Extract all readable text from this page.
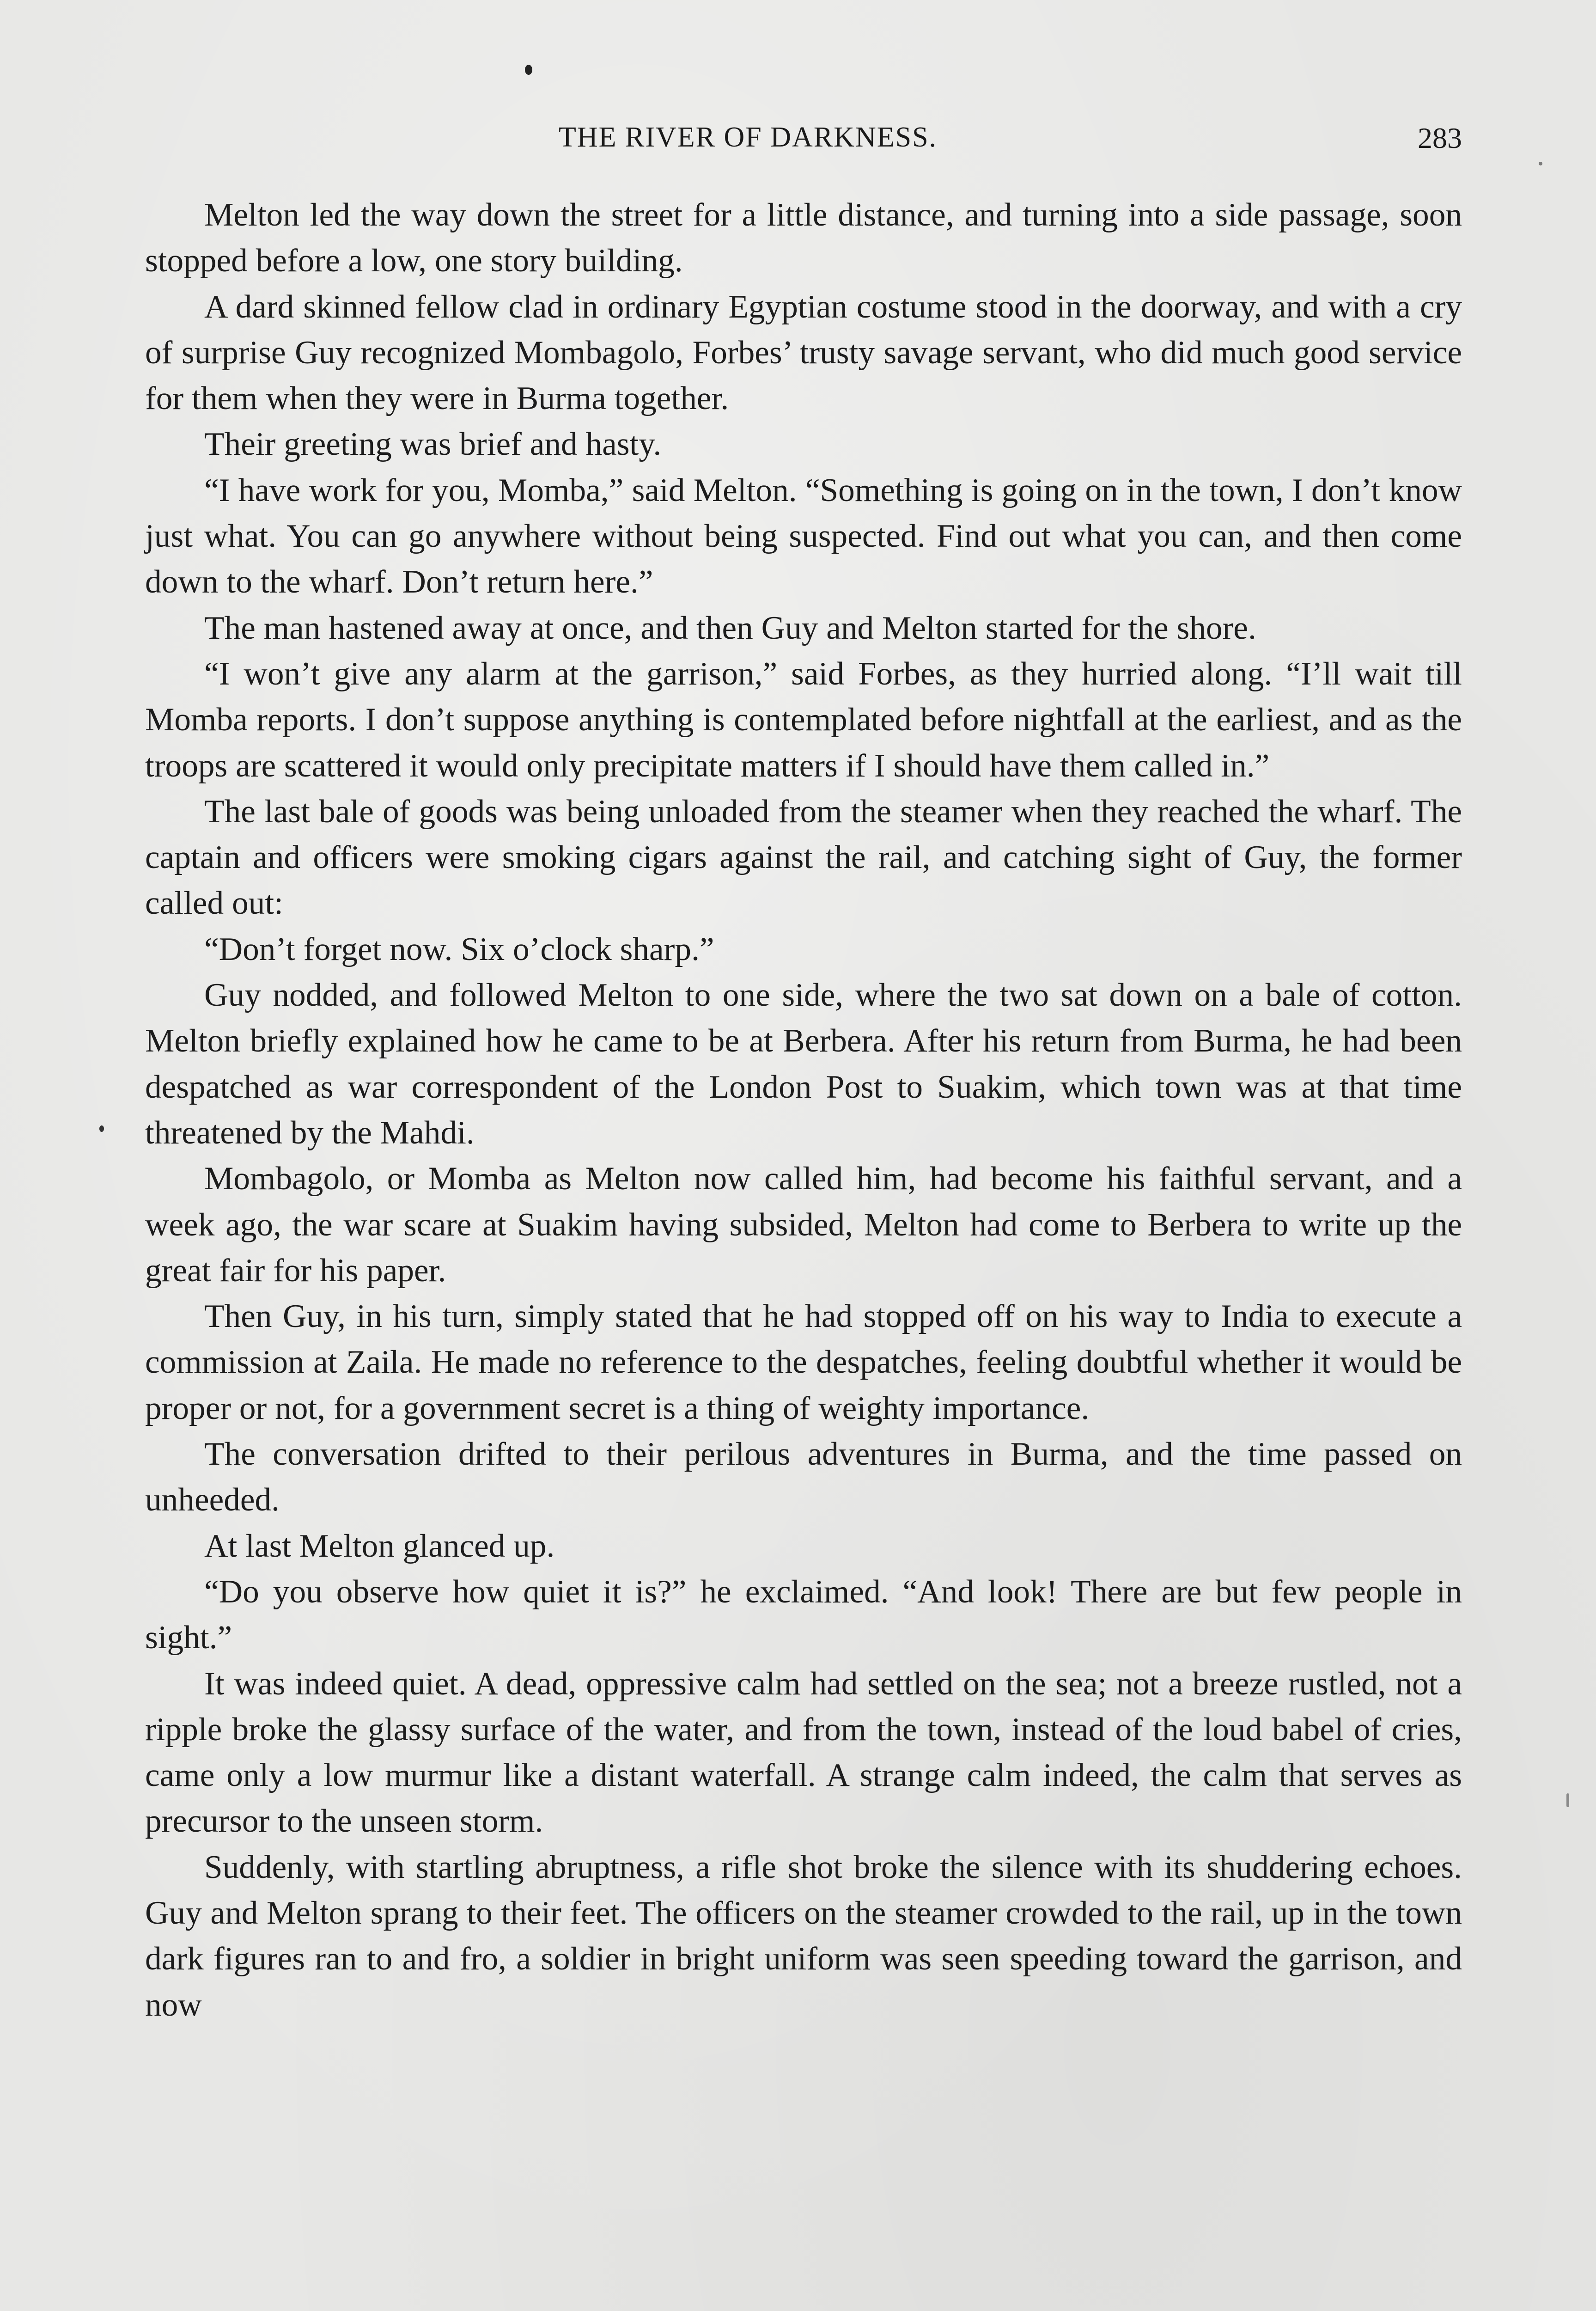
THE RIVER OF DARKNESS.	283

Melton led the way down the street for a little distance, and turning into a side passage, soon stopped before a low, one story building.

A dard skinned fellow clad in ordinary Egyptian costume stood in the doorway, and with a cry of surprise Guy recognized Mombagolo, Forbes’ trusty savage servant, who did much good service for them when they were in Burma together.

Their greeting was brief and hasty.

“I have work for you, Momba,” said Melton. “Something is going on in the town, I don’t know just what. You can go anywhere without being suspected. Find out what you can, and then come down to the wharf. Don’t return here.”

The man hastened away at once, and then Guy and Melton started for the shore.

“I won’t give any alarm at the garrison,” said Forbes, as they hurried along. “I’ll wait till Momba reports. I don’t suppose anything is contemplated before nightfall at the earliest, and as the troops are scattered it would only precipitate matters if I should have them called in.”

The last bale of goods was being unloaded from the steamer when they reached the wharf. The captain and officers were smoking cigars against the rail, and catching sight of Guy, the former called out:

“Don’t forget now. Six o’clock sharp.”

Guy nodded, and followed Melton to one side, where the two sat down on a bale of cotton. Melton briefly explained how he came to be at Berbera. After his return from Burma, he had been despatched as war correspondent of the London Post to Suakim, which town was at that time threatened by the Mahdi.

Mombagolo, or Momba as Melton now called him, had become his faithful servant, and a week ago, the war scare at Suakim having subsided, Melton had come to Berbera to write up the great fair for his paper.

Then Guy, in his turn, simply stated that he had stopped off on his way to India to execute a commission at Zaila. He made no reference to the despatches, feeling doubtful whether it would be proper or not, for a government secret is a thing of weighty importance.

The conversation drifted to their perilous adventures in Burma, and the time passed on unheeded.

At last Melton glanced up.

“Do you observe how quiet it is?” he exclaimed. “And look! There are but few people in sight.”

It was indeed quiet. A dead, oppressive calm had settled on the sea; not a breeze rustled, not a ripple broke the glassy surface of the water, and from the town, instead of the loud babel of cries, came only a low murmur like a distant waterfall. A strange calm indeed, the calm that serves as precursor to the unseen storm.

Suddenly, with startling abruptness, a rifle shot broke the silence with its shuddering echoes. Guy and Melton sprang to their feet. The officers on the steamer crowded to the rail, up in the town dark figures ran to and fro, a soldier in bright uniform was seen speeding toward the garrison, and now
